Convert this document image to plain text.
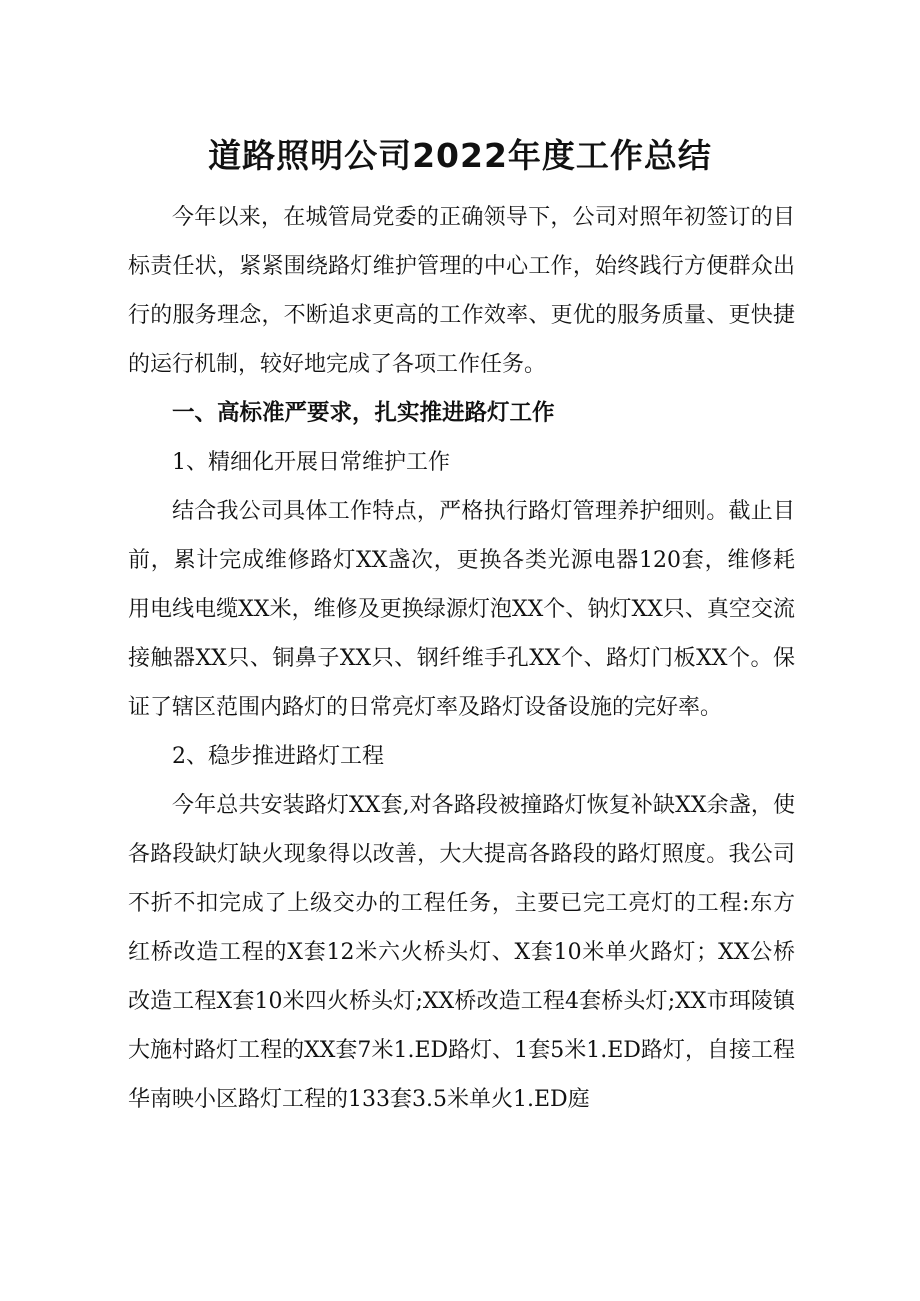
道路照明公司2022年度工作总结

今年以来，在城管局党委的正确领导下，公司对照年初签订的目标责任状，紧紧围绕路灯维护管理的中心工作，始终践行方便群众出行的服务理念，不断追求更高的工作效率、更优的服务质量、更快捷的运行机制，较好地完成了各项工作任务。

一、高标准严要求，扎实推进路灯工作

1、精细化开展日常维护工作

结合我公司具体工作特点，严格执行路灯管理养护细则。截止目前，累计完成维修路灯XX盏次，更换各类光源电器120套，维修耗用电线电缆XX米，维修及更换绿源灯泡XX个、钠灯XX只、真空交流接触器XX只、铜鼻子XX只、钢纤维手孔XX个、路灯门板XX个。保证了辖区范围内路灯的日常亮灯率及路灯设备设施的完好率。

2、稳步推进路灯工程

今年总共安装路灯XX套,对各路段被撞路灯恢复补缺XX余盏，使各路段缺灯缺火现象得以改善，大大提高各路段的路灯照度。我公司不折不扣完成了上级交办的工程任务，主要已完工亮灯的工程:东方红桥改造工程的X套12米六火桥头灯、X套10米单火路灯；XX公桥改造工程X套10米四火桥头灯;XX桥改造工程4套桥头灯;XX市珥陵镇大施村路灯工程的XX套7米1.ED路灯、1套5米1.ED路灯，自接工程华南映小区路灯工程的133套3.5米单火1.ED庭
